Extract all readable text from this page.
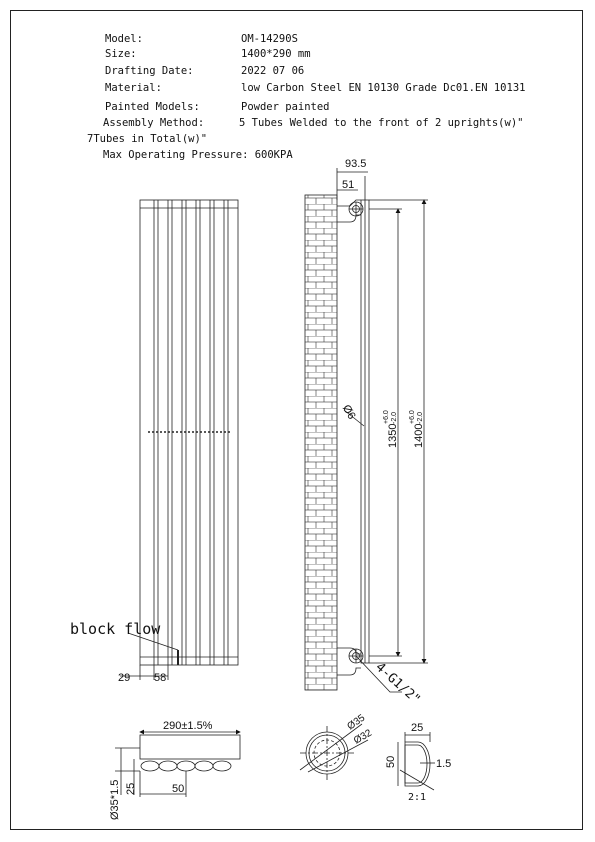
Model:	OM-14290S
Size:	1400*290 mm
Drafting Date:	2022 07 06
Material:	low Carbon Steel EN 10130 Grade Dc01.EN 10131
Painted Models:	Powder painted
Assembly Method:	5 Tubes Welded to the front of 2 uprights(w)"
7Tubes in Total(w)"
Max Operating Pressure: 600KPA
block flow
29 58
93.5
51
Ø6
1350
+6.0 -2.0
1400
+6.0 -2.0
4-G1/2"
290±1.5%
Ø35*1.5 25	50
Ø35
Ø32	25
50	1.5
2:1
